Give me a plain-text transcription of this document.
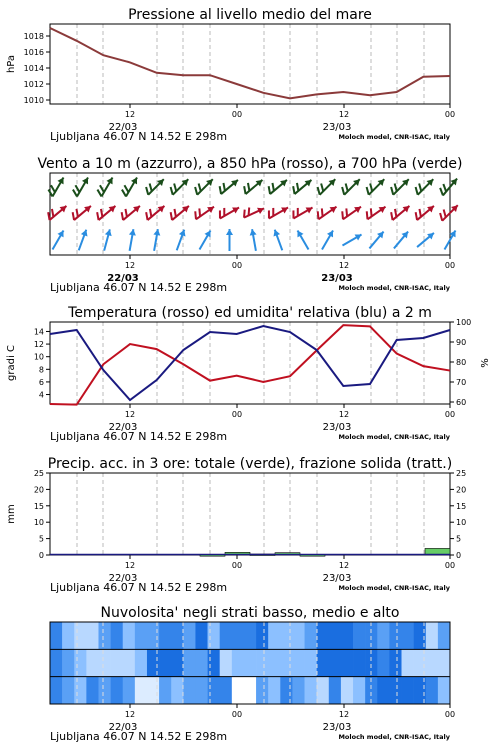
Pressione al livello medio del mare
12	00	12	00
22/03	23/03
Ljubljana 46.07 N 14.52 E 298m	Moloch model, CNR-ISAC, Italy
Vento a 10 m (azzurro), a 850 hPa (rosso), a 700 hPa (verde)
12	00	12	00
22/03	23/03
Ljubljana 46.07 N 14.52 E 298m	Moloch model, CNR-ISAC, Italy
Temperatura (rosso) ed umidita' relativa (blu) a 2 m
12	00	12	00
22/03	23/03
Ljubljana 46.07 N 14.52 E 298m	Moloch model, CNR-ISAC, Italy
Precip. acc. in 3 ore: totale (verde), frazione solida (tratt.)
12	00	12	00
22/03	23/03
Ljubljana 46.07 N 14.52 E 298m	Moloch model, CNR-ISAC, Italy
Nuvolosita' negli strati basso, medio e alto
12	00	12	00
22/03	23/03
Ljubljana 46.07 N 14.52 E 298m	Moloch model, CNR-ISAC, Italy
1010
1012
1014
1016
1018
hPa
4
6
8
10
12
14
60
70
80
90
100
gradi C	%
0	0
5	5
10	10
15	15
20	20
25	25
mm
